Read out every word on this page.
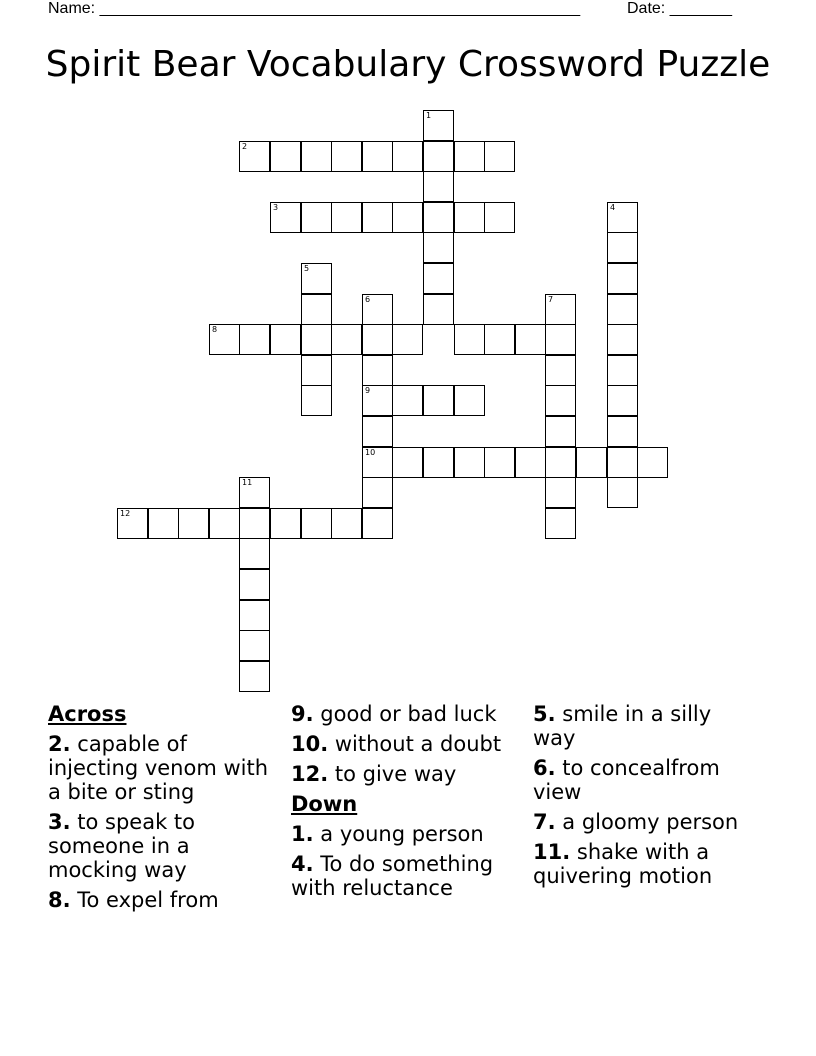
Name: ______________________________________________________	Date: _______
Spirit Bear Vocabulary Crossword Puzzle
1
2
3	4
5
6
9
10
7
8
11
12
Across
2. capable of injecting venom with a bite or sting
3. to speak to someone in a mocking way
8. To expel from
9. good or bad luck
10. without a doubt
12. to give way
Down
1. a young person
4. To do something with reluctance
5. smile in a silly way
6. to concealfrom view
7. a gloomy person
11. shake with a quivering motion
